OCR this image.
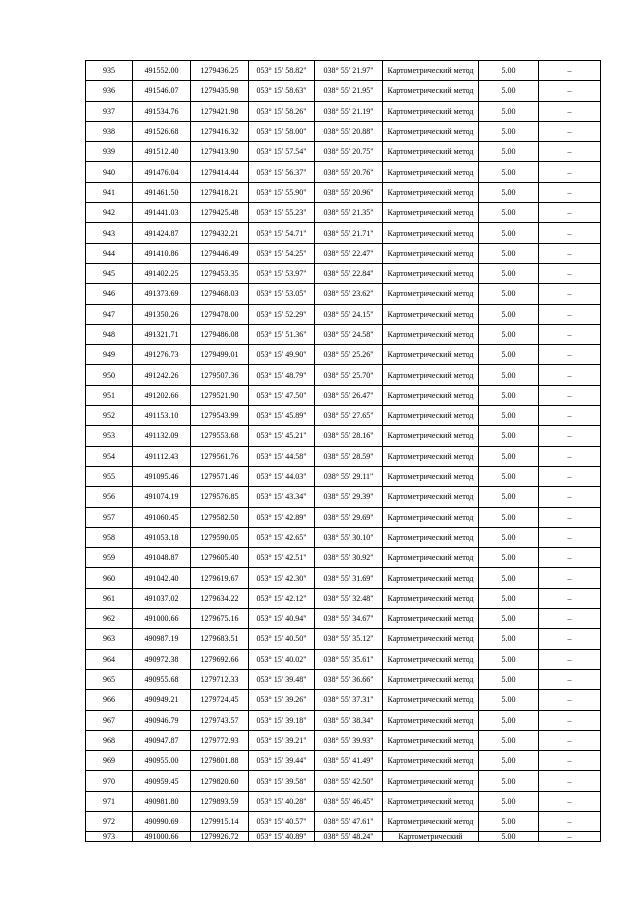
935	491552.00	1279436.25	053° 15' 58.82"	038° 55' 21.97"	Картометрический метод	5.00	–
936	491546.07	1279435.98	053° 15' 58.63"	038° 55' 21.95"	Картометрический метод	5.00	–
937	491534.76	1279421.98	053° 15' 58.26"	038° 55' 21.19"	Картометрический метод	5.00	–
938	491526.68	1279416.32	053° 15' 58.00"	038° 55' 20.88"	Картометрический метод	5.00	–
939	491512.40	1279413.90	053° 15' 57.54"	038° 55' 20.75"	Картометрический метод	5.00	–
940	491476.04	1279414.44	053° 15' 56.37"	038° 55' 20.76"	Картометрический метод	5.00	–
941	491461.50	1279418.21	053° 15' 55.90"	038° 55' 20.96"	Картометрический метод	5.00	–
942	491441.03	1279425.48	053° 15' 55.23"	038° 55' 21.35"	Картометрический метод	5.00	–
943	491424.87	1279432.21	053° 15' 54.71"	038° 55' 21.71"	Картометрический метод	5.00	–
944	491410.86	1279446.49	053° 15' 54.25"	038° 55' 22.47"	Картометрический метод	5.00	–
945	491402.25	1279453.35	053° 15' 53.97"	038° 55' 22.84"	Картометрический метод	5.00	–
946	491373.69	1279468.03	053° 15' 53.05"	038° 55' 23.62"	Картометрический метод	5.00	–
947	491350.26	1279478.00	053° 15' 52.29"	038° 55' 24.15"	Картометрический метод	5.00	–
948	491321.71	1279486.08	053° 15' 51.36"	038° 55' 24.58"	Картометрический метод	5.00	–
949	491276.73	1279499.01	053° 15' 49.90"	038° 55' 25.26"	Картометрический метод	5.00	–
950	491242.26	1279507.36	053° 15' 48.79"	038° 55' 25.70"	Картометрический метод	5.00	–
951	491202.66	1279521.90	053° 15' 47.50"	038° 55' 26.47"	Картометрический метод	5.00	–
952	491153.10	1279543.99	053° 15' 45.89"	038° 55' 27.65"	Картометрический метод	5.00	–
953	491132.09	1279553.68	053° 15' 45.21"	038° 55' 28.16"	Картометрический метод	5.00	–
954	491112.43	1279561.76	053° 15' 44.58"	038° 55' 28.59"	Картометрический метод	5.00	–
955	491095.46	1279571.46	053° 15' 44.03"	038° 55' 29.11"	Картометрический метод	5.00	–
956	491074.19	1279576.85	053° 15' 43.34"	038° 55' 29.39"	Картометрический метод	5.00	–
957	491060.45	1279582.50	053° 15' 42.89"	038° 55' 29.69"	Картометрический метод	5.00	–
958	491053.18	1279590.05	053° 15' 42.65"	038° 55' 30.10"	Картометрический метод	5.00	–
959	491048.87	1279605.40	053° 15' 42.51"	038° 55' 30.92"	Картометрический метод	5.00	–
960	491042.40	1279619.67	053° 15' 42.30"	038° 55' 31.69"	Картометрический метод	5.00	–
961	491037.02	1279634.22	053° 15' 42.12"	038° 55' 32.48"	Картометрический метод	5.00	–
962	491000.66	1279675.16	053° 15' 40.94"	038° 55' 34.67"	Картометрический метод	5.00	–
963	490987.19	1279683.51	053° 15' 40.50"	038° 55' 35.12"	Картометрический метод	5.00	–
964	490972.38	1279692.66	053° 15' 40.02"	038° 55' 35.61"	Картометрический метод	5.00	–
965	490955.68	1279712.33	053° 15' 39.48"	038° 55' 36.66"	Картометрический метод	5.00	–
966	490949.21	1279724.45	053° 15' 39.26"	038° 55' 37.31"	Картометрический метод	5.00	–
967	490946.79	1279743.57	053° 15' 39.18"	038° 55' 38.34"	Картометрический метод	5.00	–
968	490947.87	1279772.93	053° 15' 39.21"	038° 55' 39.93"	Картометрический метод	5.00	–
969	490955.00	1279801.88	053° 15' 39.44"	038° 55' 41.49"	Картометрический метод	5.00	–
970	490959.45	1279820.60	053° 15' 39.58"	038° 55' 42.50"	Картометрический метод	5.00	–
971	490981.80	1279893.59	053° 15' 40.28"	038° 55' 46.45"	Картометрический метод	5.00	–
972	490990.69	1279915.14	053° 15' 40.57"	038° 55' 47.61"	Картометрический метод	5.00	–
973	491000.66	1279926.72	053° 15' 40.89"	038° 55' 48.24"	Картометрический	5.00	–
